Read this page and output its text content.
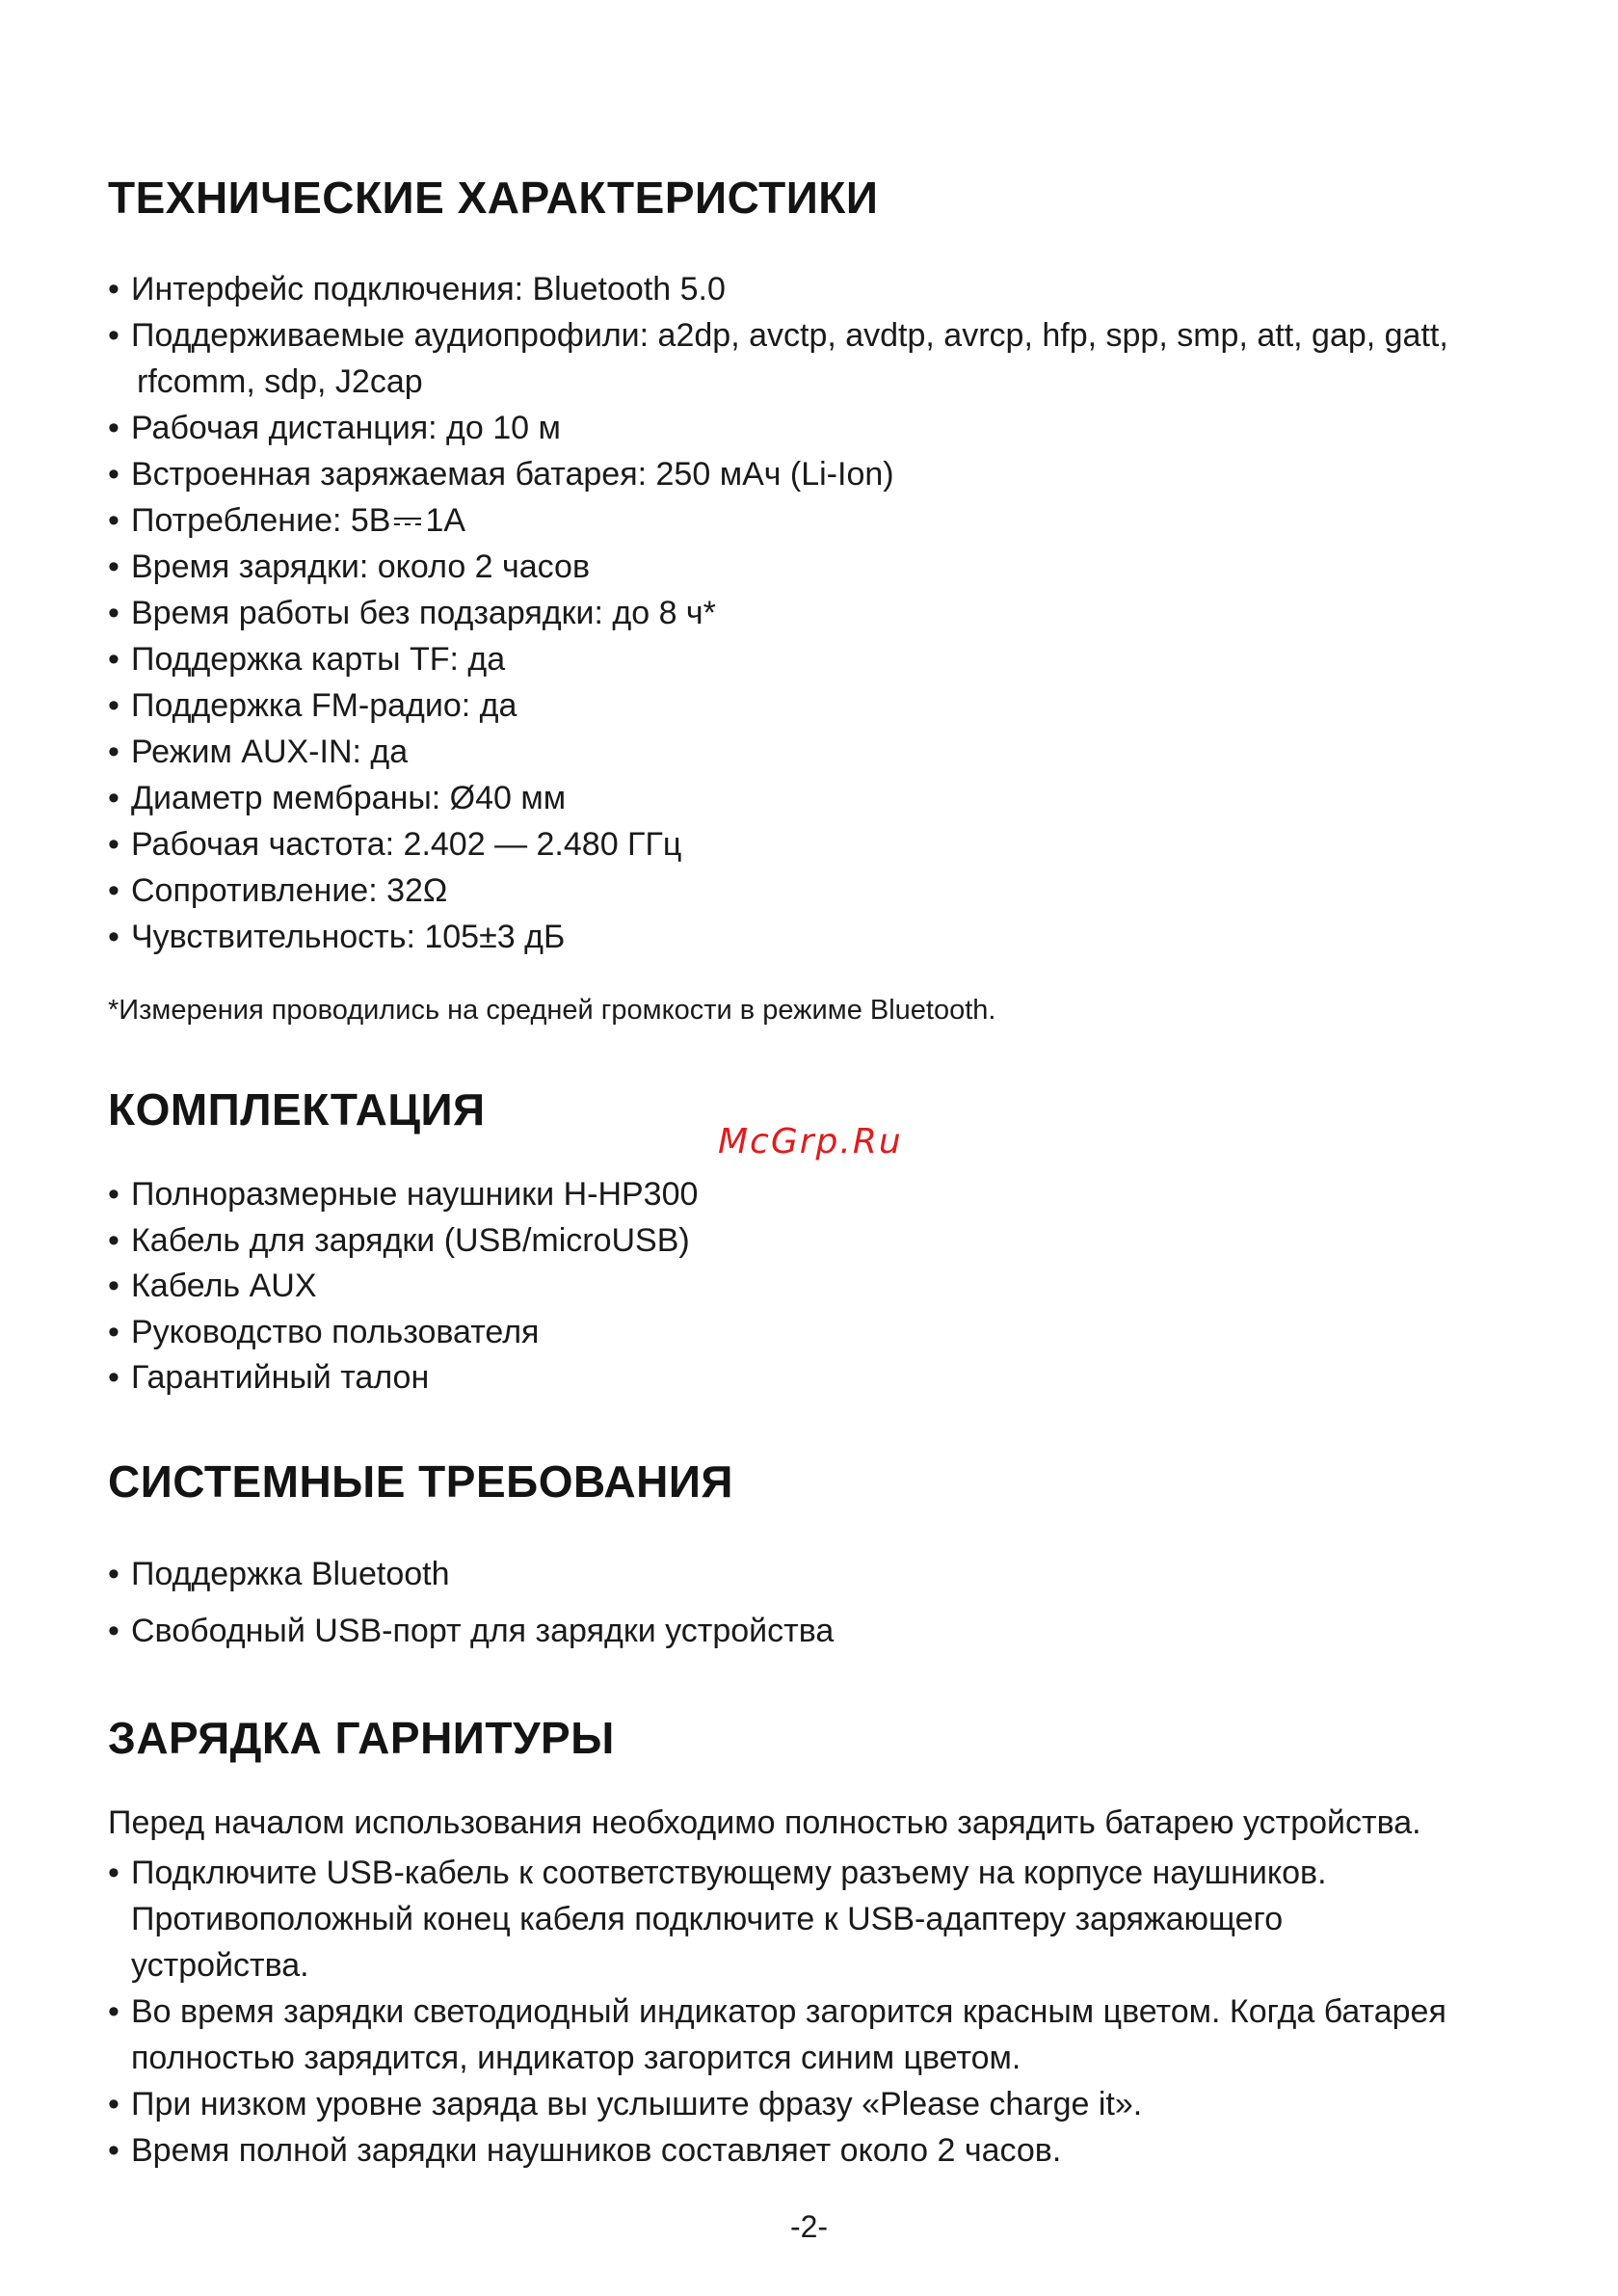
ТЕХНИЧЕСКИЕ ХАРАКТЕРИСТИКИ
• Интерфейс подключения: Bluetooth 5.0
• Поддерживаемые аудиопрофили: a2dp, avctp, avdtp, avrcp, hfp, spp, smp, att, gap, gatt,
rfcomm, sdp, J2cap
• Рабочая дистанция: до 10 м
• Встроенная заряжаемая батарея: 250 мАч (Li-Ion)
• Потребление: 5В 1А
• Время зарядки: около 2 часов
• Время работы без подзарядки: до 8 ч*
• Поддержка карты TF: да
• Поддержка FM-радио: да
• Режим AUX-IN: да
• Диаметр мембраны: Ø40 мм
• Рабочая частота: 2.402 — 2.480 ГГц
• Сопротивление: 32Ω
• Чувствительность: 105±3 дБ

*Измерения проводились на средней громкости в режиме Bluetooth.

КОМПЛЕКТАЦИЯ
McGrp.Ru
• Полноразмерные наушники H-HP300
• Кабель для зарядки (USB/microUSB)
• Кабель AUX
• Руководство пользователя
• Гарантийный талон
СИСТЕМНЫЕ ТРЕБОВАНИЯ
• Поддержка Bluetooth
• Свободный USB-порт для зарядки устройства
ЗАРЯДКА ГАРНИТУРЫ

Перед началом использования необходимо полностью зарядить батарею устройства.

• Подключите USB-кабель к соответствующему разъему на корпусе наушников.
Противоположный конец кабеля подключите к USB-адаптеру заряжающего
устройства.
• Во время зарядки светодиодный индикатор загорится красным цветом. Когда батарея
полностью зарядится, индикатор загорится синим цветом.
• При низком уровне заряда вы услышите фразу «Please charge it».
• Время полной зарядки наушников составляет около 2 часов.
-2-
